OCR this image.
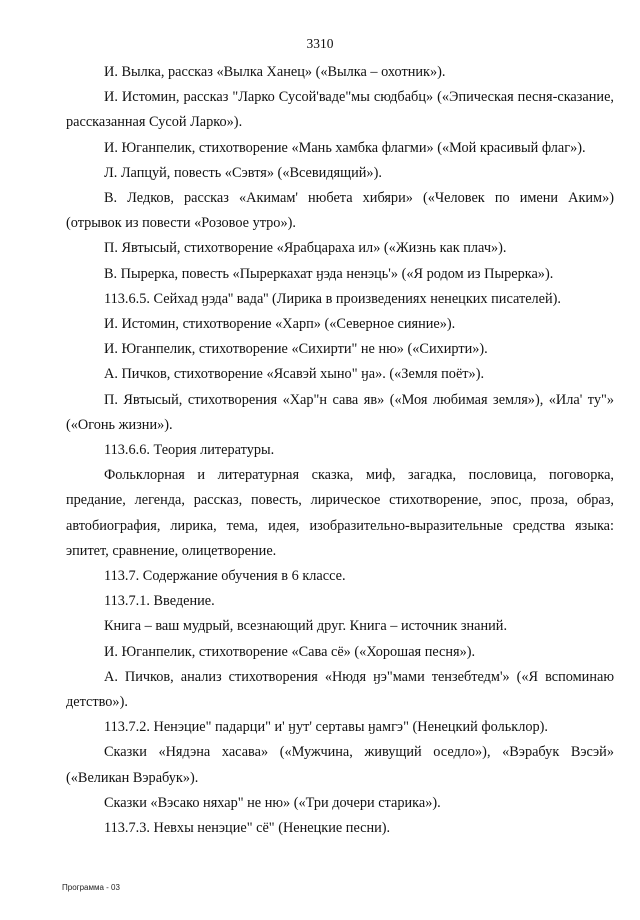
3310

И. Вылка, рассказ «Вылка Ханец» («Вылка – охотник»).

И. Истомин, рассказ "Ларко Сусой'ваде"мы сюдбабц» («Эпическая песня-сказание, рассказанная Сусой Ларко»).

И. Юганпелик, стихотворение «Мань хамбка флагми» («Мой красивый флаг»).

Л. Лапцуй, повесть «Сэвтя» («Всевидящий»).

В. Ледков, рассказ «Акимам' нюбета хибяри» («Человек по имени Аким») (отрывок из повести «Розовое утро»).

П. Явтысый, стихотворение «Ярабцараха ил» («Жизнь как плач»).

В. Пыреркa, повесть «Пыреркахат ӈэда ненэць'» («Я родом из Пырерка»).

113.6.5. Сейхад ӈэда'' вада'' (Лирика в произведениях ненецких писателей).

И. Истомин, стихотворение «Харп» («Северное сияние»).

И. Юганпелик, стихотворение «Сихирти" не ню» («Сихирти»).

А. Пичков, стихотворение «Ясавэй хыно" ӈа». («Земля поёт»).

П. Явтысый, стихотворения «Хар"н сава яв» («Моя любимая земля»), «Ила' ту"» («Огонь жизни»).

113.6.6. Теория литературы.

Фольклорная и литературная сказка, миф, загадка, пословица, поговорка, предание, легенда, рассказ, повесть, лирическое стихотворение, эпос, проза, образ, автобиография, лирика, тема, идея, изобразительно-выразительные средства языка: эпитет, сравнение, олицетворение.

113.7. Содержание обучения в 6 классе.

113.7.1. Введение.

Книга – ваш мудрый, всезнающий друг. Книга – источник знаний.

И. Юганпелик, стихотворение «Сава сё» («Хорошая песня»).

А. Пичков, анализ стихотворения «Нюдя ӈэ"мами тензебтедм'» («Я вспоминаю детство»).

113.7.2. Ненэцие" падарци" и' ӈут' сертавы ӈамгэ" (Ненецкий фольклор).

Сказки «Нядэна хасава» («Мужчина, живущий оседло»), «Вэрабук Вэсэй» («Великан Вэрабук»).

Сказки «Вэсако няхар" не ню» («Три дочери старика»).

113.7.3. Невхы ненэцие" сё" (Ненецкие песни).

Программа - 03
